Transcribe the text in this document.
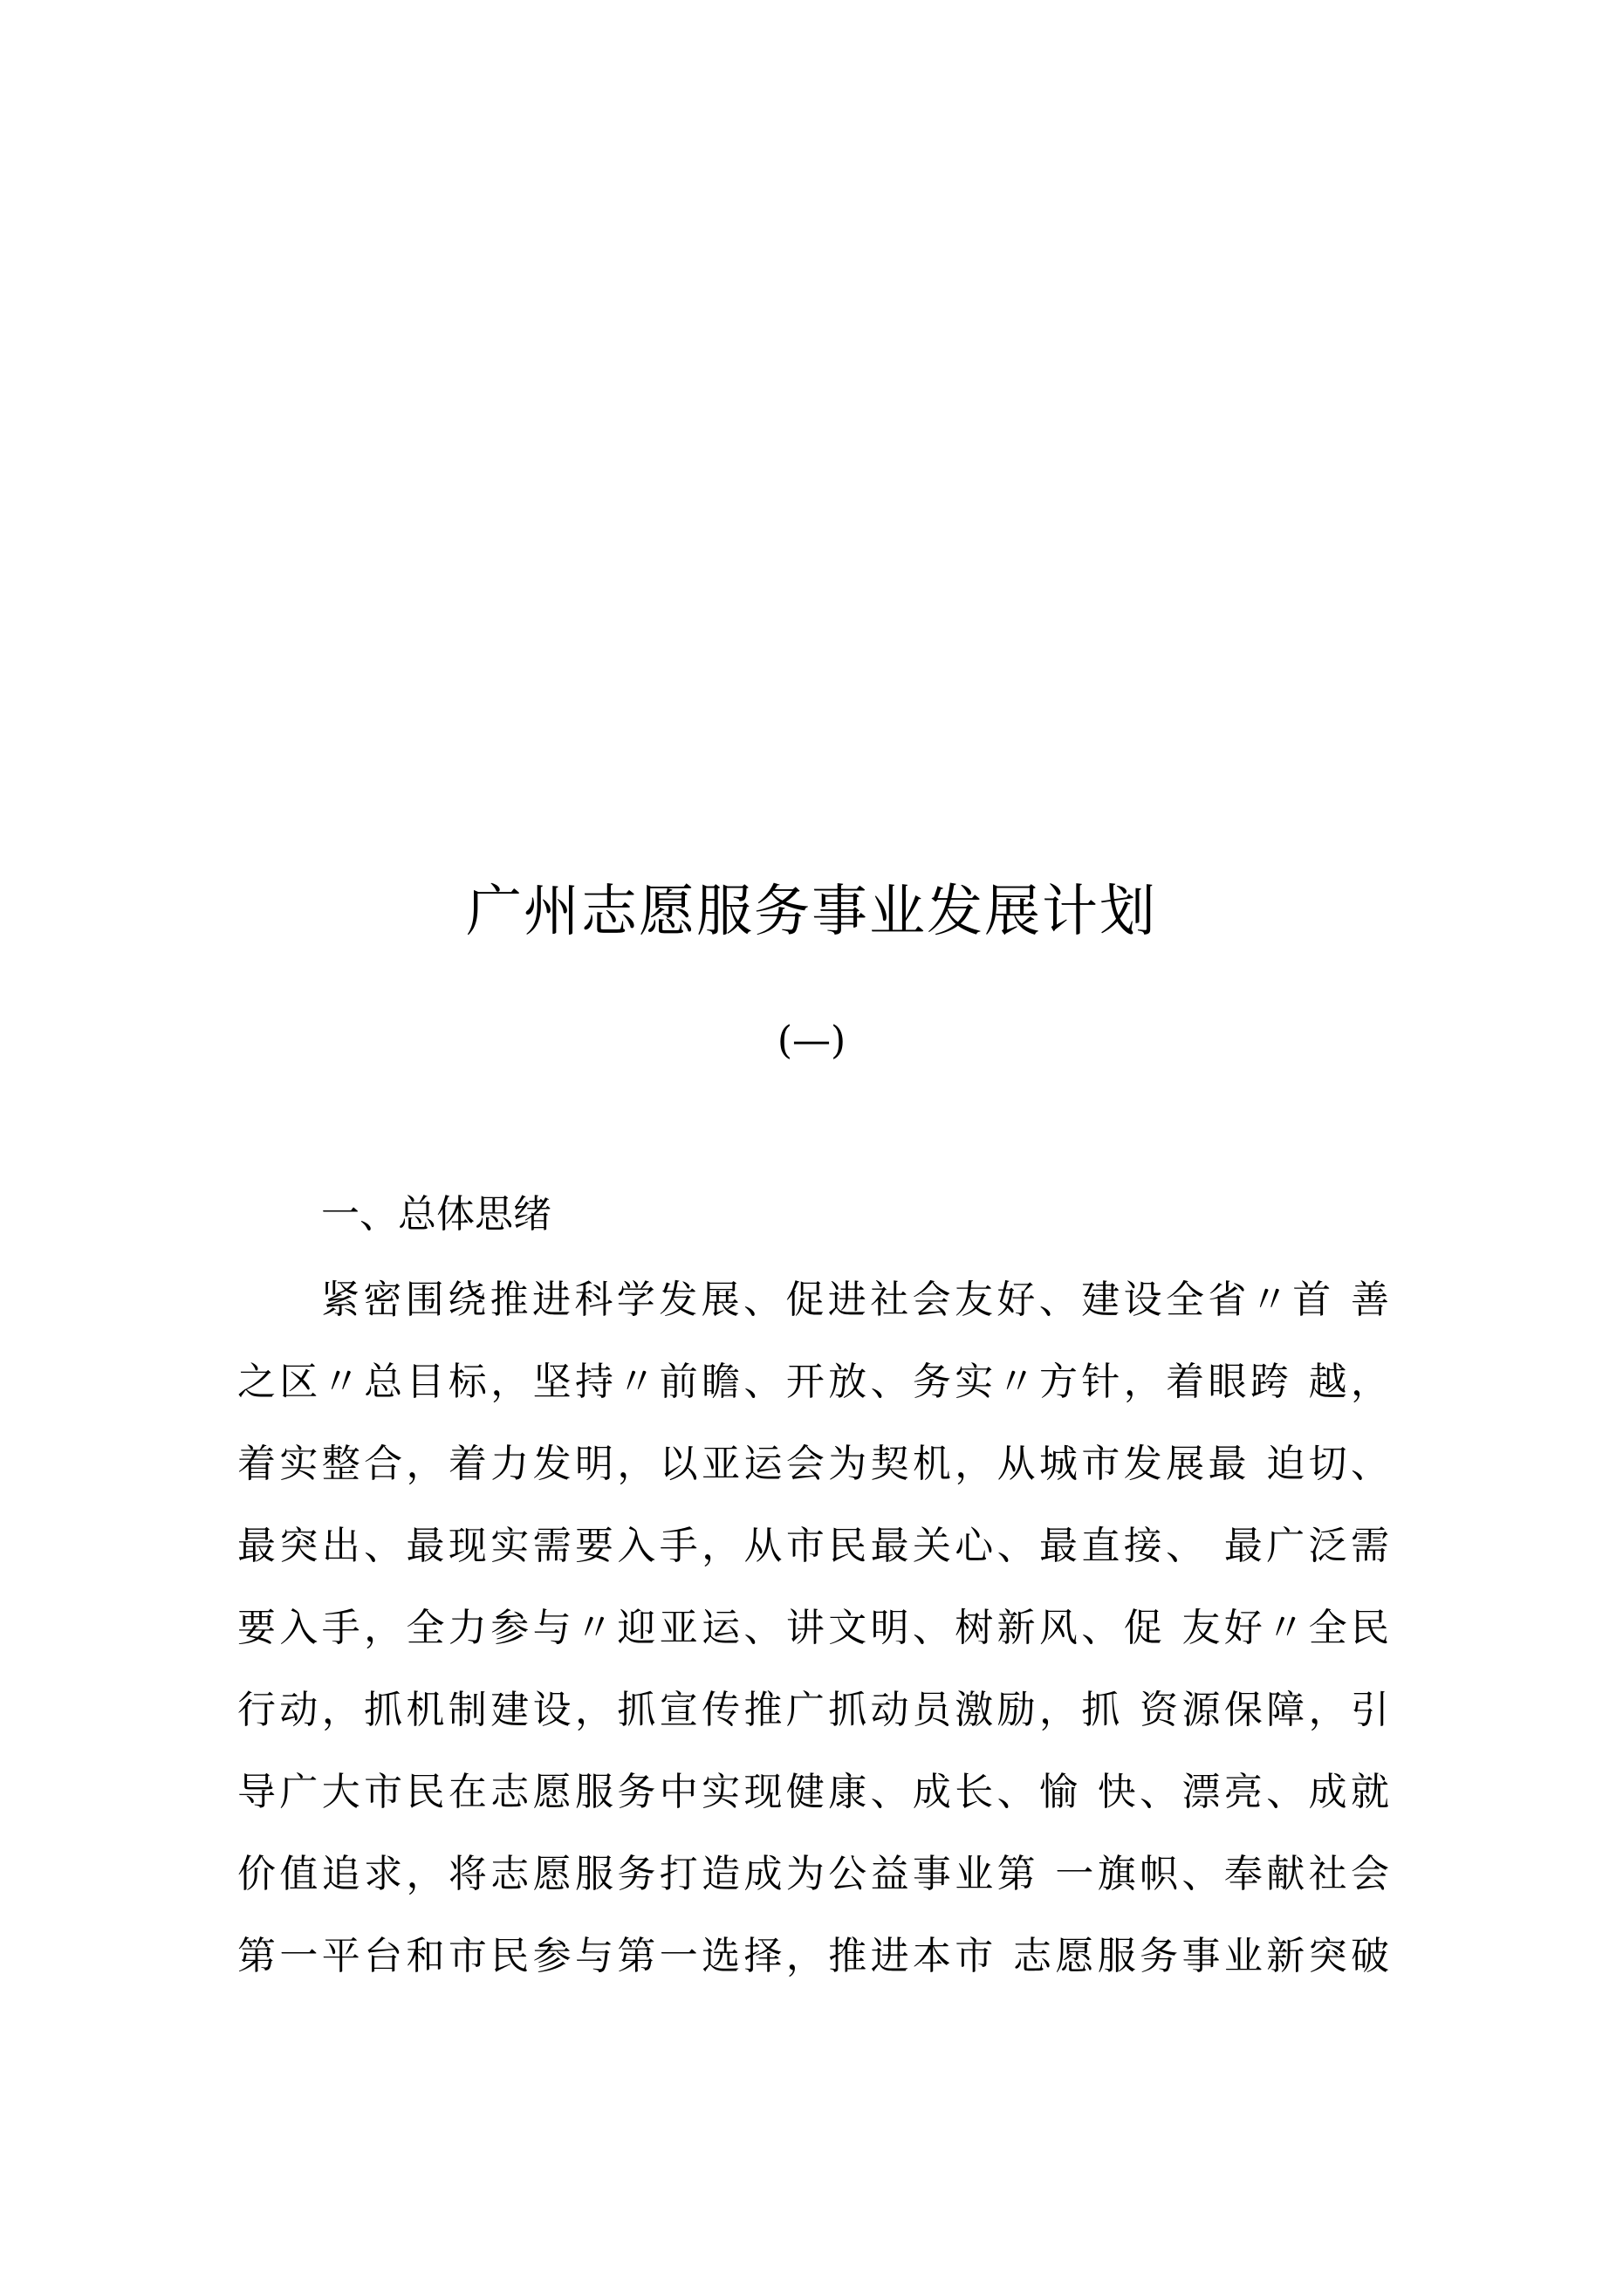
广州志愿服务事业发展计划
(—)
一、总体思绪
紧密围绕推进科学发展、促进社会友好、建设全省〃首 善
之区〃总目标，坚持〃前瞻、开放、务实〃方针，着眼跨 越，
着实整合，着力发明，以亚运会为契机，从城市发展最 迫切、
最突出、最现实需要入手，从市民最关心、最直接、 最广泛需
要入手，全力参与〃迎亚运、讲文明、树新风、促 友好〃全民
行动，抓机制建设，抓宣传推广抓动员激励，抓 资源保障，引
导广大市民在志愿服务中实现健康、成长、愉 快、漂亮、成就
价值追求，将志愿服务打造成为公益事业第 一旗帜、奉献社会
第一平台和市民参与第一选择，推进本市 志愿服务事业新突破
